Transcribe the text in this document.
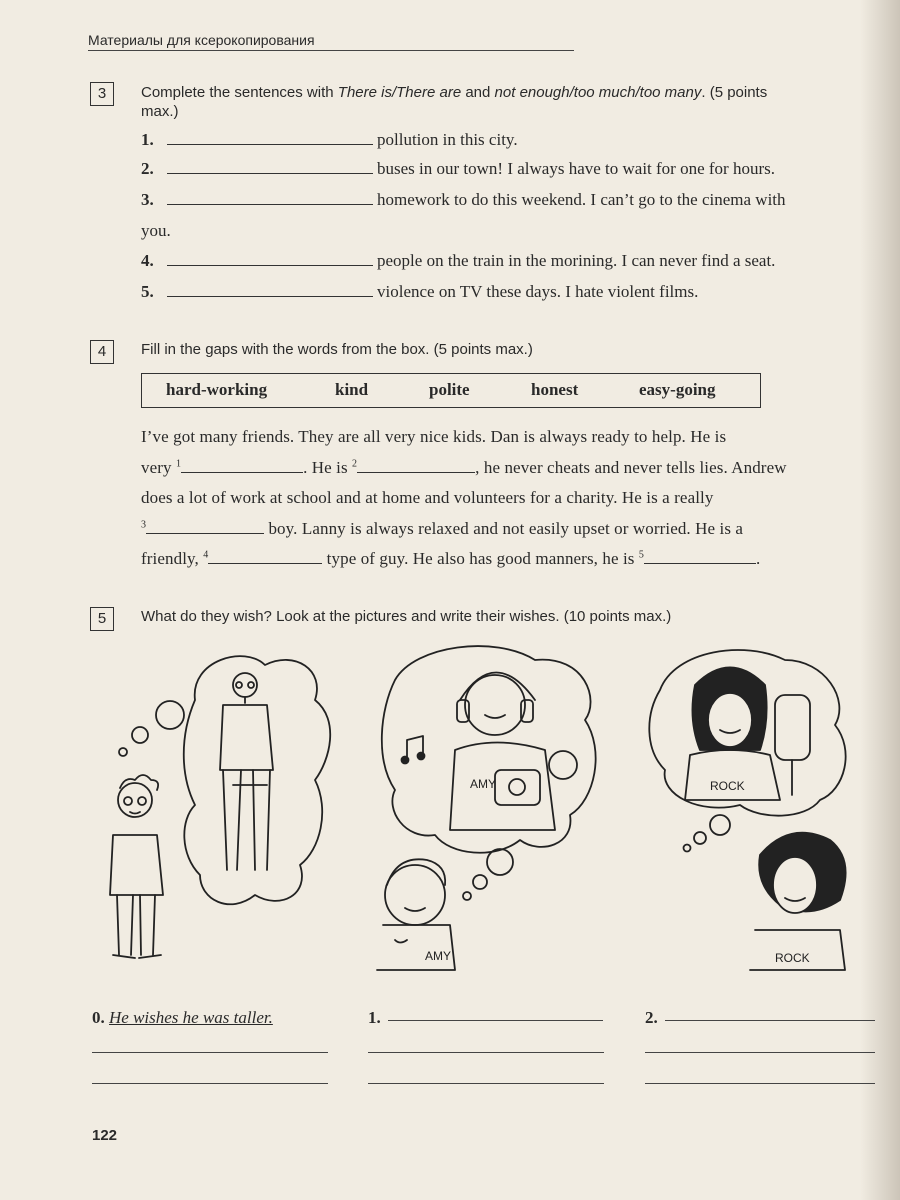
Материалы для ксерокопирования
3	Complete the sentences with There is/There are and not enough/too much/too many. (5 points
max.)
1.	pollution in this city.
2.	buses in our town! I always have to wait for one for hours.
3.	homework to do this weekend. I can’t go to the cinema with
you.
4.	people on the train in the morining. I can never find a seat.
5.	violence on TV these days. I hate violent films.
4	Fill in the gaps with the words from the box. (5 points max.)
hard-working	kind	polite	honest	easy-going
I’ve got many friends. They are all very nice kids. Dan is always ready to help. He is
very $^1$	. He is $^2$	, he never cheats and never tells lies. Andrew
does a lot of work at school and at home and volunteers for a charity. He is a really
$^3$	boy. Lanny is always relaxed and not easily upset or worried. He is a
friendly, $^4$	type of guy. He also has good manners, he is $^5$	.
5	What do they wish? Look at the pictures and write their wishes. (10 points max.)
AMY
AMY
ROCK
ROCK
0. He wishes he was taller.	1.	2.
122
